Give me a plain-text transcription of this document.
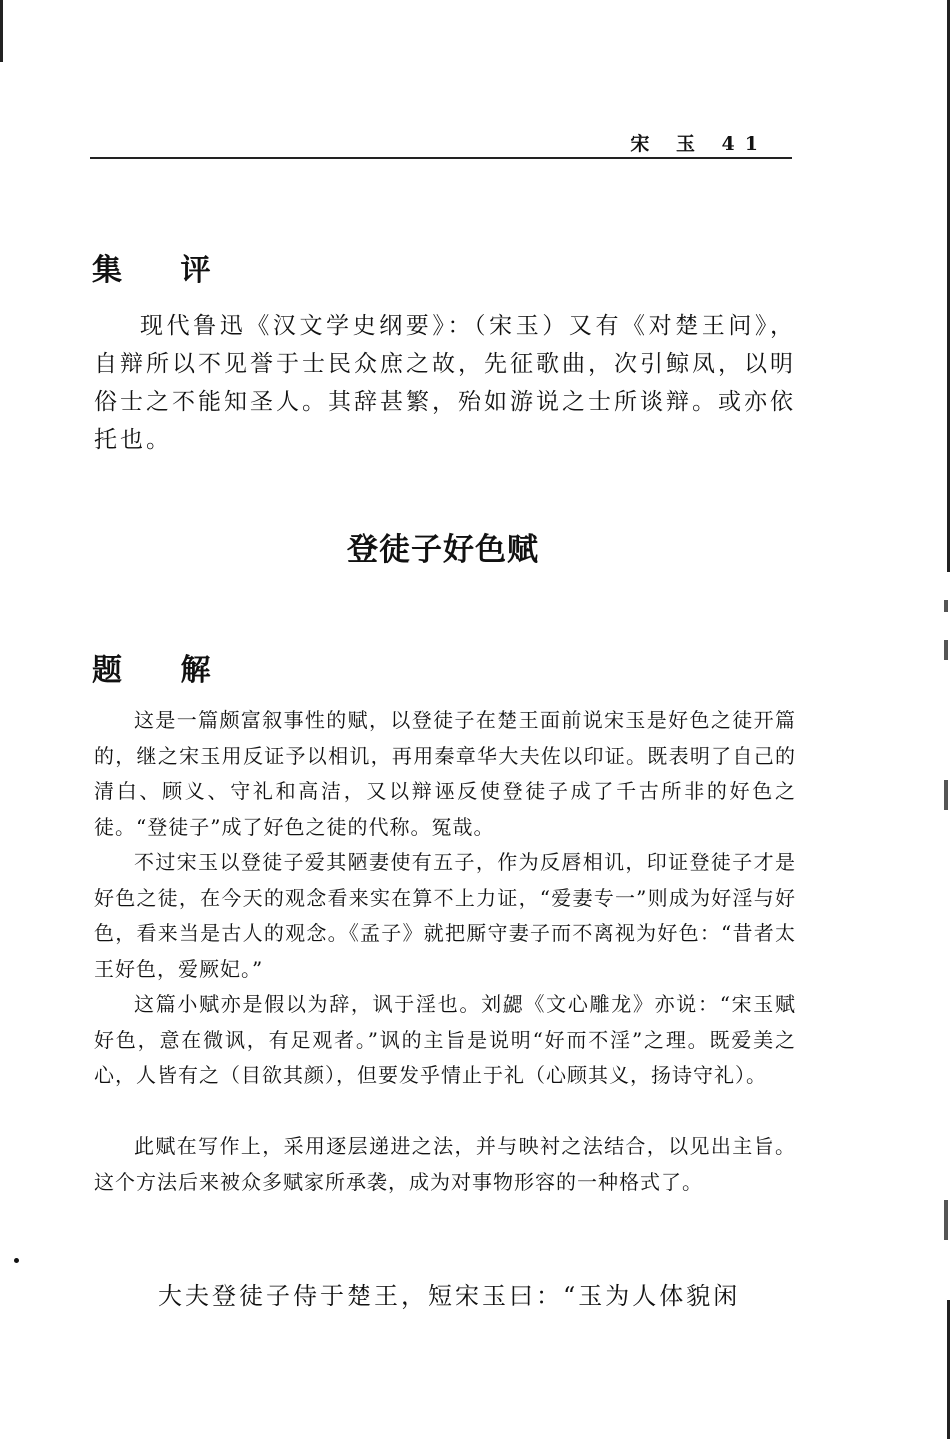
宋 玉 41
集 评

现代鲁迅《汉文学史纲要》：（宋玉）又有《对楚王问》，自辩所以不见誉于士民众庶之故，先征歌曲，次引鲸凤，以明俗士之不能知圣人。其辞甚繁，殆如游说之士所谈辩。或亦依托也。

登徒子好色赋
题 解

这是一篇颇富叙事性的赋，以登徒子在楚王面前说宋玉是好色之徒开篇的，继之宋玉用反证予以相讥，再用秦章华大夫佐以印证。既表明了自己的清白、顾义、守礼和高洁，又以辩诬反使登徒子成了千古所非的好色之徒。“登徒子”成了好色之徒的代称。冤哉。

不过宋玉以登徒子爱其陋妻使有五子，作为反唇相讥，印证登徒子才是好色之徒，在今天的观念看来实在算不上力证，“爱妻专一”则成为好淫与好色，看来当是古人的观念。《孟子》就把厮守妻子而不离视为好色：“昔者太王好色，爱厥妃。”

这篇小赋亦是假以为辞，讽于淫也。刘勰《文心雕龙》亦说：“宋玉赋好色，意在微讽，有足观者。”讽的主旨是说明“好而不淫”之理。既爱美之心，人皆有之（目欲其颜），但要发乎情止于礼（心顾其义，扬诗守礼）。

此赋在写作上，采用逐层递进之法，并与映衬之法结合，以见出主旨。这个方法后来被众多赋家所承袭，成为对事物形容的一种格式了。

大夫登徒子侍于楚王，短宋玉曰：“玉为人体貌闲
